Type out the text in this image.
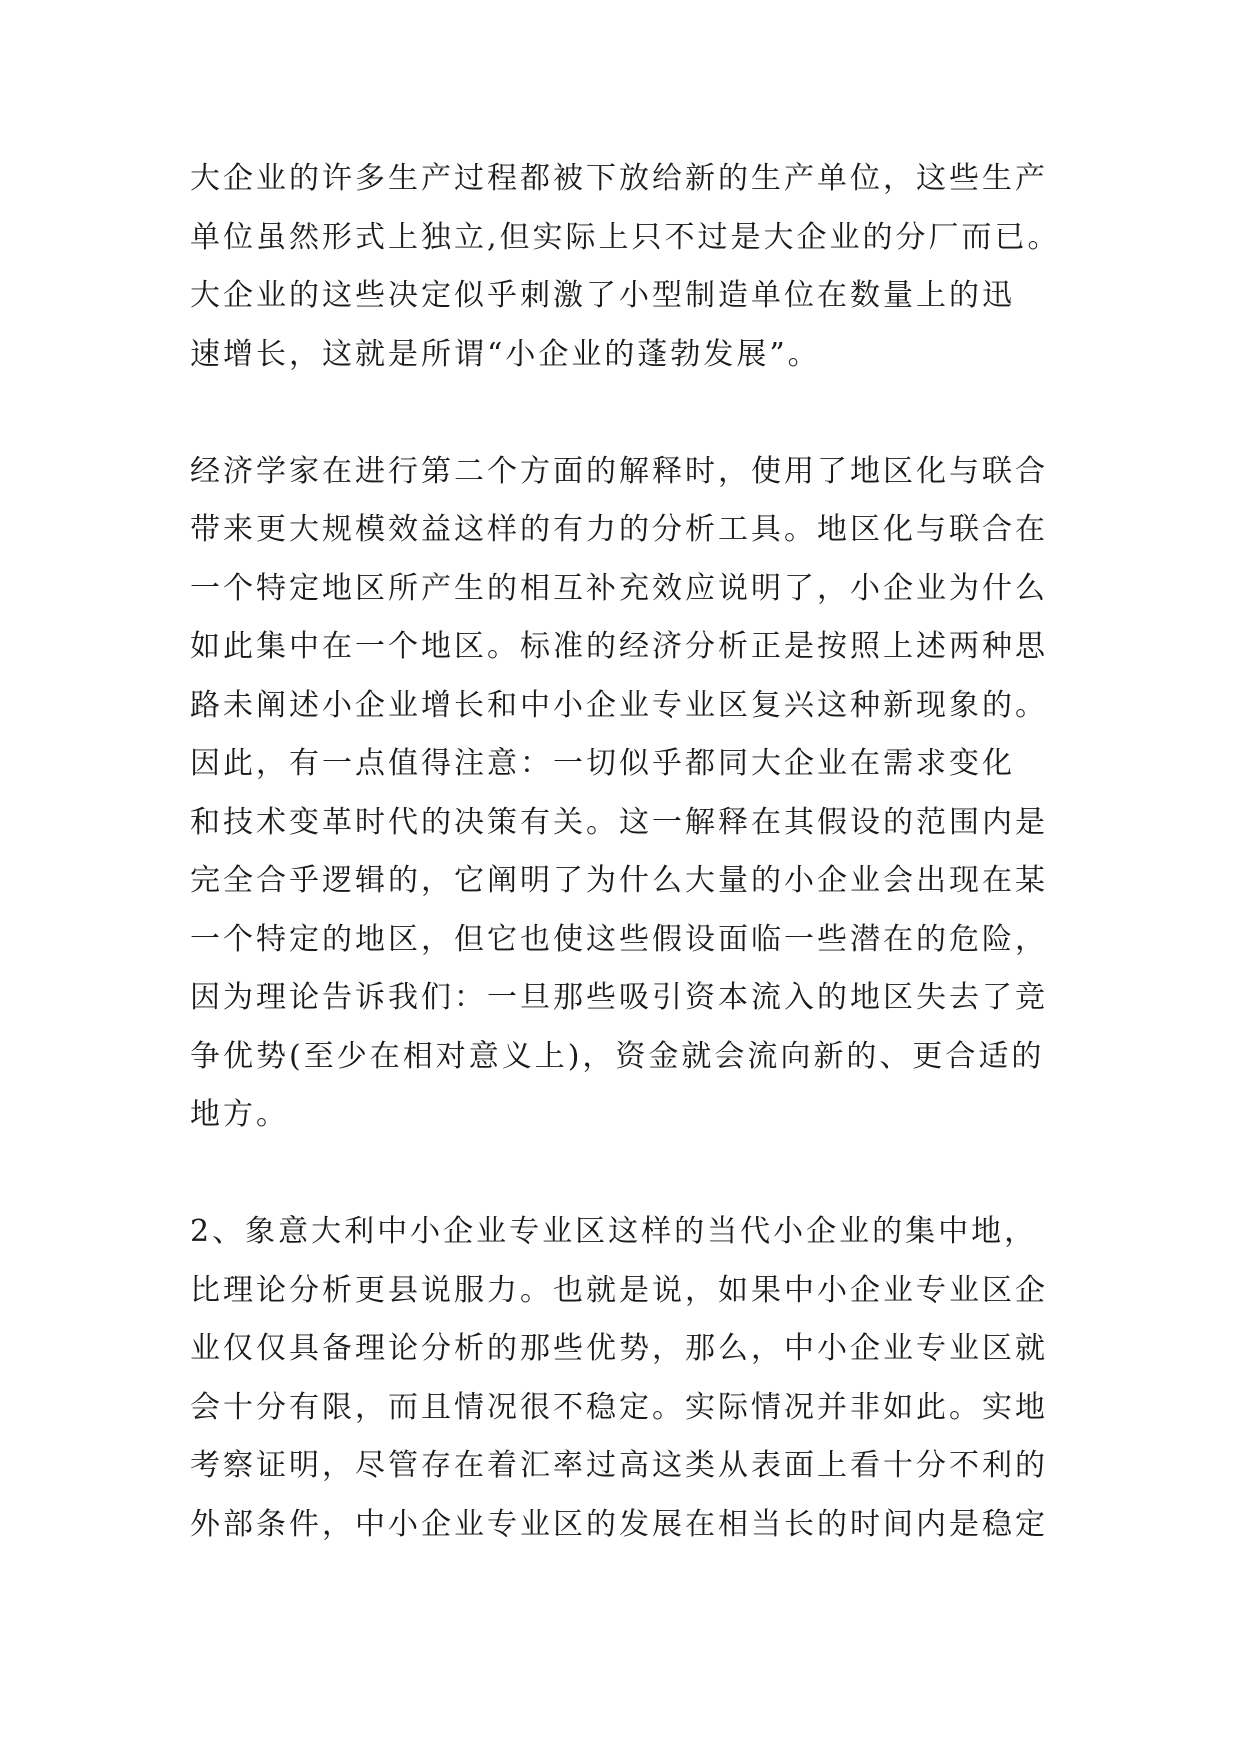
大企业的许多生产过程都被下放给新的生产单位，这些生产
单位虽然形式上独立,但实际上只不过是大企业的分厂而已。
大企业的这些决定似乎刺激了小型制造单位在数量上的迅
速增长，这就是所谓“小企业的蓬勃发展”。
经济学家在进行第二个方面的解释时，使用了地区化与联合
带来更大规模效益这样的有力的分析工具。地区化与联合在
一个特定地区所产生的相互补充效应说明了，小企业为什么
如此集中在一个地区。标准的经济分析正是按照上述两种思
路未阐述小企业增长和中小企业专业区复兴这种新现象的。
因此，有一点值得注意：一切似乎都同大企业在需求变化
和技术变革时代的决策有关。这一解释在其假设的范围内是
完全合乎逻辑的，它阐明了为什么大量的小企业会出现在某
一个特定的地区，但它也使这些假设面临一些潜在的危险，
因为理论告诉我们：一旦那些吸引资本流入的地区失去了竞
争优势(至少在相对意义上)，资金就会流向新的、更合适的
地方。
2、象意大利中小企业专业区这样的当代小企业的集中地，
比理论分析更县说服力。也就是说，如果中小企业专业区企
业仅仅具备理论分析的那些优势，那么，中小企业专业区就
会十分有限，而且情况很不稳定。实际情况并非如此。实地
考察证明，尽管存在着汇率过高这类从表面上看十分不利的
外部条件，中小企业专业区的发展在相当长的时间内是稳定
